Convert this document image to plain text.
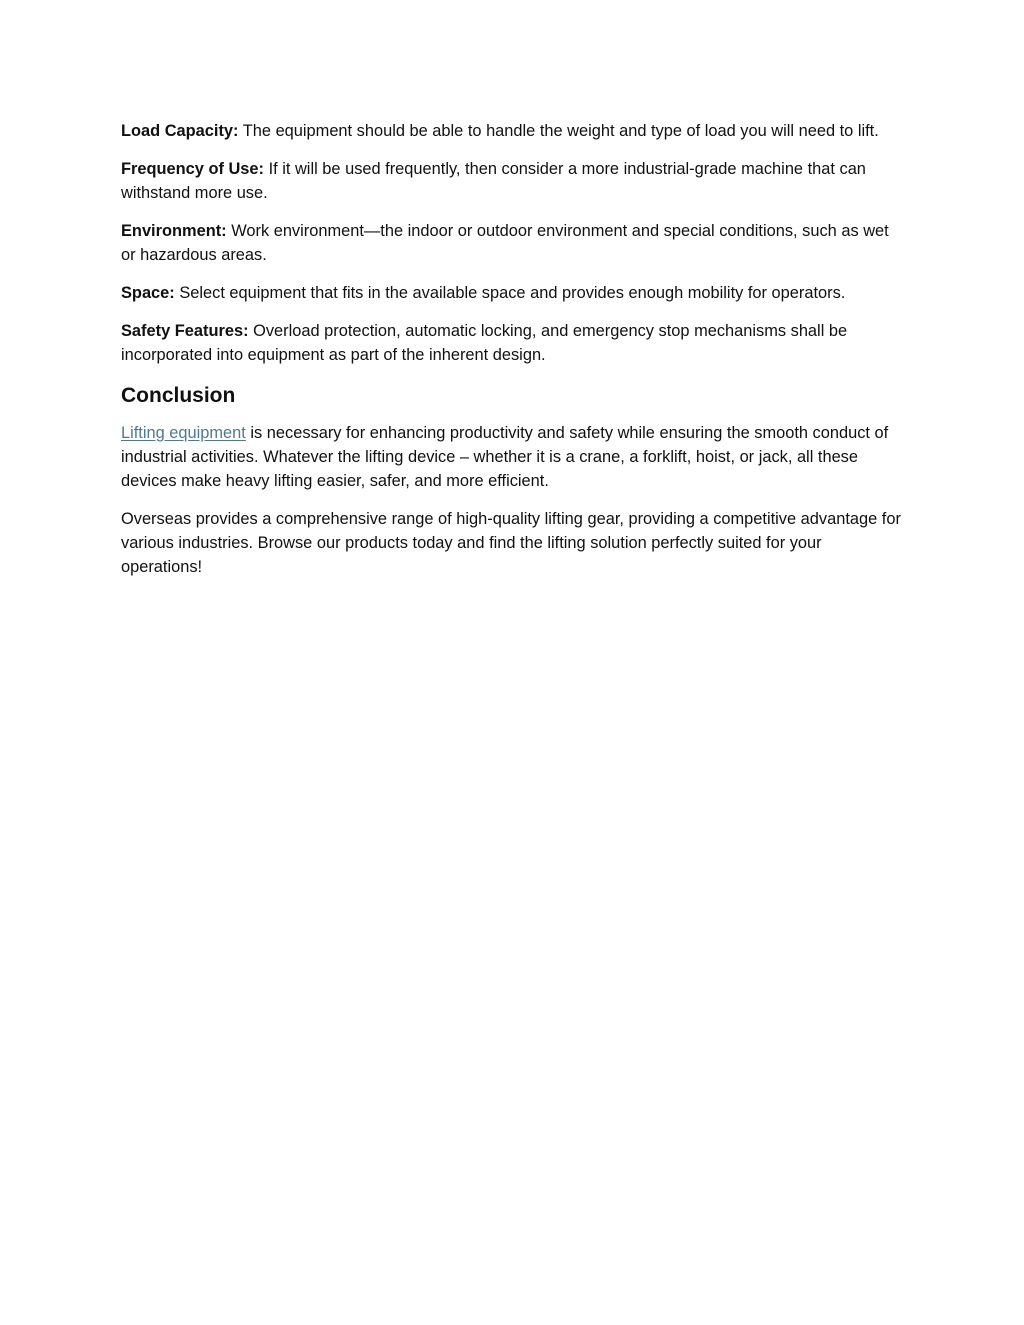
Load Capacity: The equipment should be able to handle the weight and type of load you will need to lift.

Frequency of Use: If it will be used frequently, then consider a more industrial-grade machine that can withstand more use.

Environment: Work environment—the indoor or outdoor environment and special conditions, such as wet or hazardous areas.

Space: Select equipment that fits in the available space and provides enough mobility for operators.

Safety Features: Overload protection, automatic locking, and emergency stop mechanisms shall be incorporated into equipment as part of the inherent design.

Conclusion

Lifting equipment is necessary for enhancing productivity and safety while ensuring the smooth conduct of industrial activities. Whatever the lifting device – whether it is a crane, a forklift, hoist, or jack, all these devices make heavy lifting easier, safer, and more efficient.

Overseas provides a comprehensive range of high-quality lifting gear, providing a competitive advantage for various industries. Browse our products today and find the lifting solution perfectly suited for your operations!
